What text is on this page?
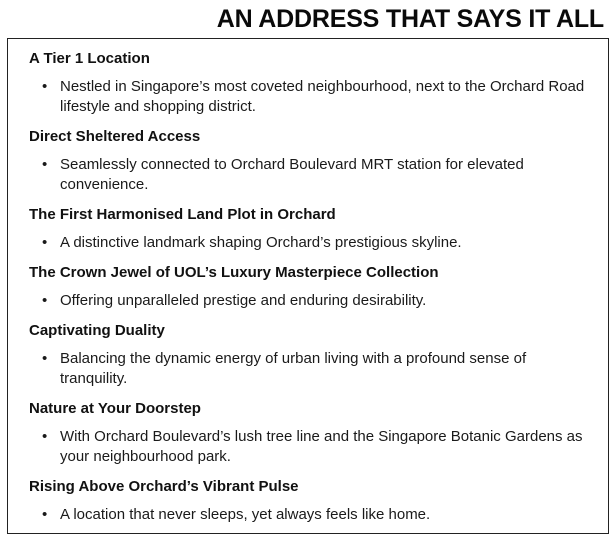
AN ADDRESS THAT SAYS IT ALL
A Tier 1 Location
• Nestled in Singapore’s most coveted neighbourhood, next to the Orchard Road lifestyle and shopping district.
Direct Sheltered Access
• Seamlessly connected to Orchard Boulevard MRT station for elevated convenience.
The First Harmonised Land Plot in Orchard
• A distinctive landmark shaping Orchard’s prestigious skyline.
The Crown Jewel of UOL’s Luxury Masterpiece Collection
• Offering unparalleled prestige and enduring desirability.
Captivating Duality
• Balancing the dynamic energy of urban living with a profound sense of tranquility.
Nature at Your Doorstep
• With Orchard Boulevard’s lush tree line and the Singapore Botanic Gardens as your neighbourhood park.
Rising Above Orchard’s Vibrant Pulse
• A location that never sleeps, yet always feels like home.
